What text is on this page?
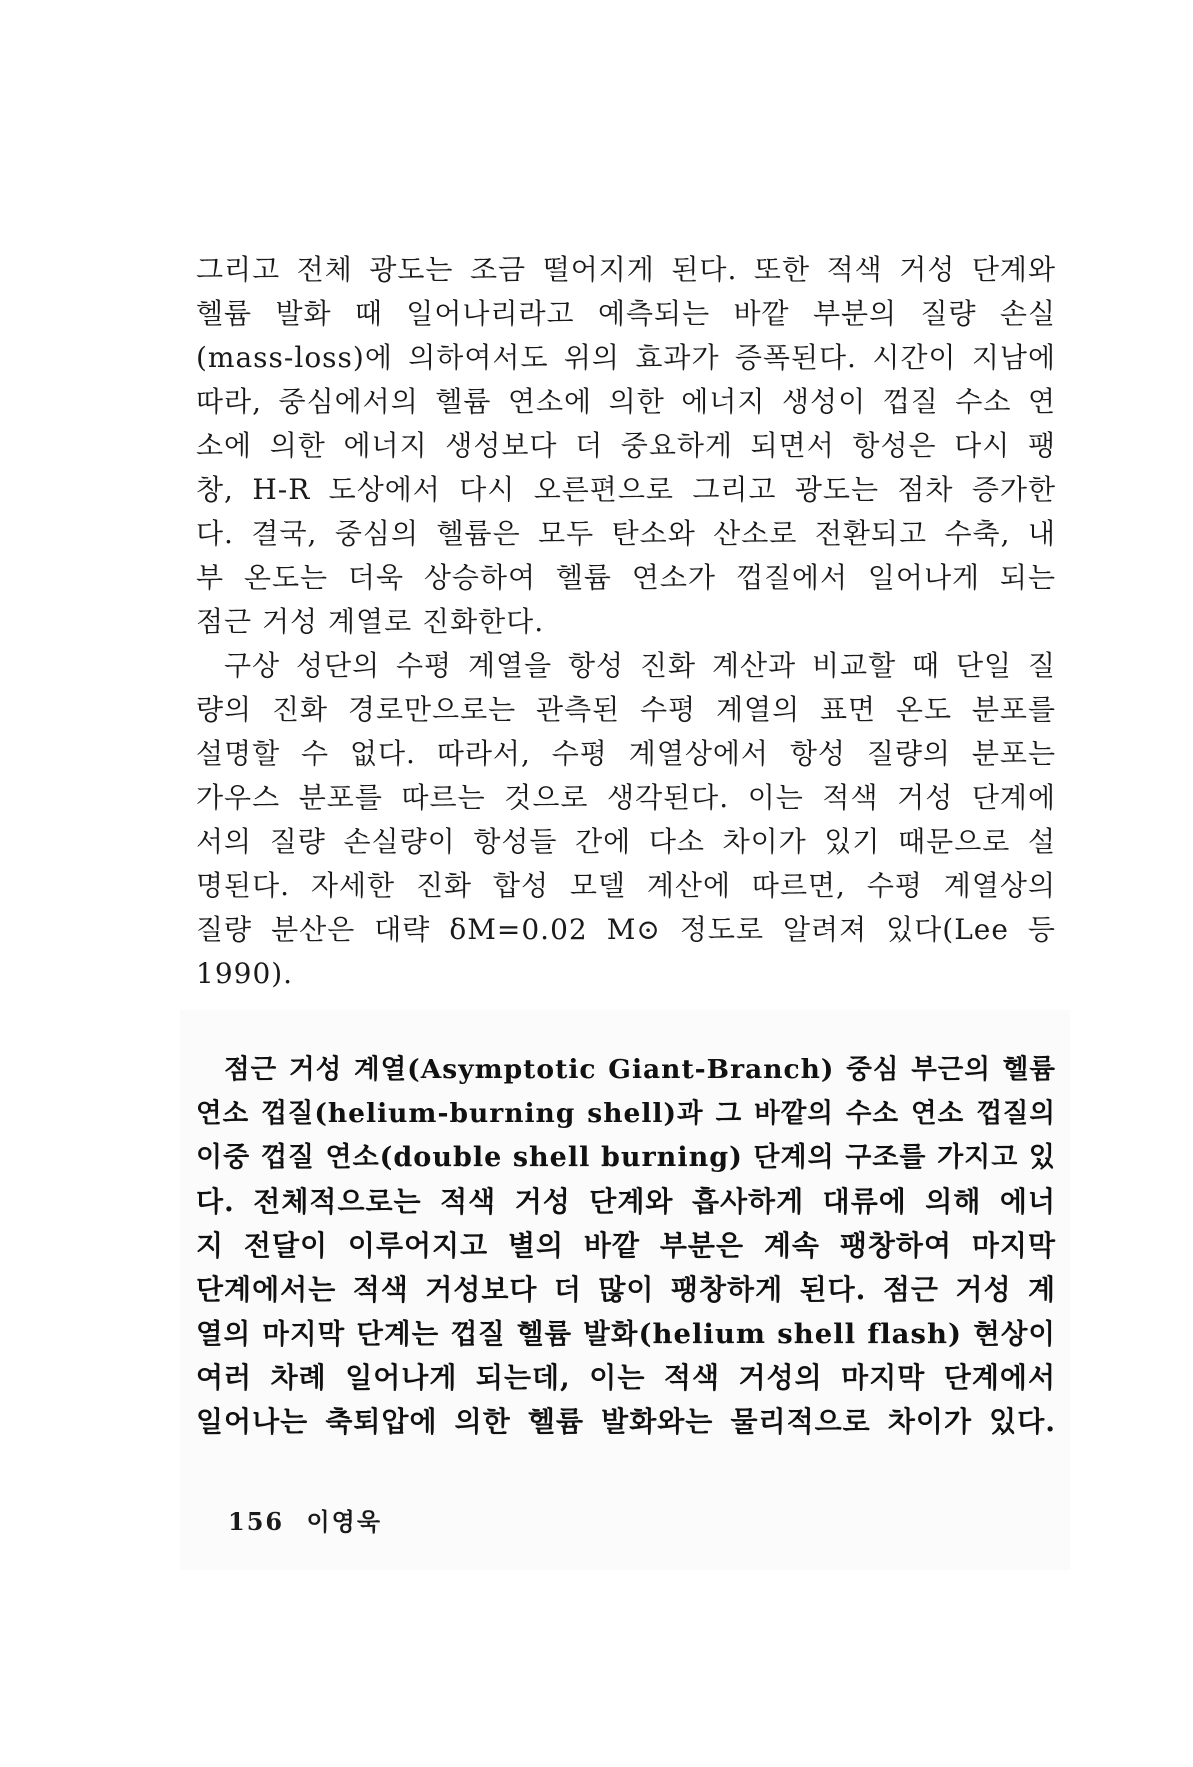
그리고 전체 광도는 조금 떨어지게 된다. 또한 적색 거성 단계와
헬륨 발화 때 일어나리라고 예측되는 바깥 부분의 질량 손실
(mass-loss)에 의하여서도 위의 효과가 증폭된다. 시간이 지남에
따라, 중심에서의 헬륨 연소에 의한 에너지 생성이 껍질 수소 연
소에 의한 에너지 생성보다 더 중요하게 되면서 항성은 다시 팽
창, H-R 도상에서 다시 오른편으로 그리고 광도는 점차 증가한
다. 결국, 중심의 헬륨은 모두 탄소와 산소로 전환되고 수축, 내
부 온도는 더욱 상승하여 헬륨 연소가 껍질에서 일어나게 되는
점근 거성 계열로 진화한다.
구상 성단의 수평 계열을 항성 진화 계산과 비교할 때 단일 질
량의 진화 경로만으로는 관측된 수평 계열의 표면 온도 분포를
설명할 수 없다. 따라서, 수평 계열상에서 항성 질량의 분포는
가우스 분포를 따르는 것으로 생각된다. 이는 적색 거성 단계에
서의 질량 손실량이 항성들 간에 다소 차이가 있기 때문으로 설
명된다. 자세한 진화 합성 모델 계산에 따르면, 수평 계열상의
질량 분산은 대략 δM=0.02 M⊙ 정도로 알려져 있다(Lee 등
1990).
점근 거성 계열(Asymptotic Giant-Branch) 중심 부근의 헬륨
연소 껍질(helium-burning shell)과 그 바깥의 수소 연소 껍질의
이중 껍질 연소(double shell burning) 단계의 구조를 가지고 있
다. 전체적으로는 적색 거성 단계와 흡사하게 대류에 의해 에너
지 전달이 이루어지고 별의 바깥 부분은 계속 팽창하여 마지막
단계에서는 적색 거성보다 더 많이 팽창하게 된다. 점근 거성 계
열의 마지막 단계는 껍질 헬륨 발화(helium shell flash) 현상이
여러 차례 일어나게 되는데, 이는 적색 거성의 마지막 단계에서
일어나는 축퇴압에 의한 헬륨 발화와는 물리적으로 차이가 있다.
156 이영욱
